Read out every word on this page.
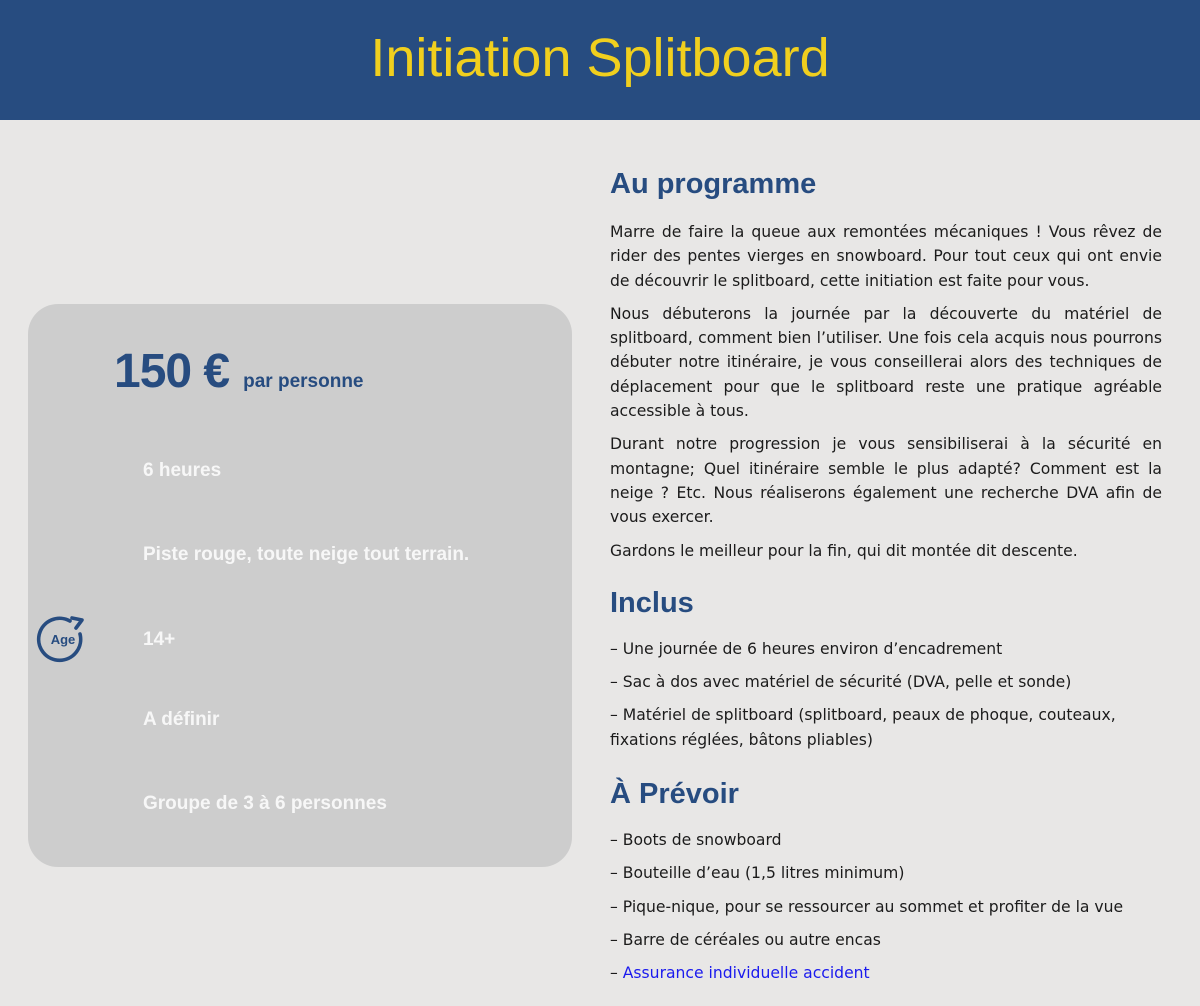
Initiation Splitboard
150 € par personne
6 heures
Piste rouge, toute neige tout terrain.
Age	14+
A définir
Groupe de 3 à 6 personnes
Au programme

Marre de faire la queue aux remontées mécaniques ! Vous rêvez de rider des pentes vierges en snowboard. Pour tout ceux qui ont envie de découvrir le splitboard, cette initiation est faite pour vous.

Nous débuterons la journée par la découverte du matériel de splitboard, comment bien l’utiliser. Une fois cela acquis nous pourrons débuter notre itinéraire, je vous conseillerai alors des techniques de déplacement pour que le splitboard reste une pratique agréable accessible à tous.

Durant notre progression je vous sensibiliserai à la sécurité en montagne; Quel itinéraire semble le plus adapté? Comment est la neige ? Etc. Nous réaliserons également une recherche DVA afin de vous exercer.

Gardons le meilleur pour la fin, qui dit montée dit descente.

Inclus

– Une journée de 6 heures environ d’encadrement

– Sac à dos avec matériel de sécurité (DVA, pelle et sonde)

– Matériel de splitboard (splitboard, peaux de phoque, couteaux, fixations réglées, bâtons pliables)

À Prévoir

– Boots de snowboard

– Bouteille d’eau (1,5 litres minimum)

– Pique-nique, pour se ressourcer au sommet et profiter de la vue

– Barre de céréales ou autre encas

– Assurance individuelle accident
